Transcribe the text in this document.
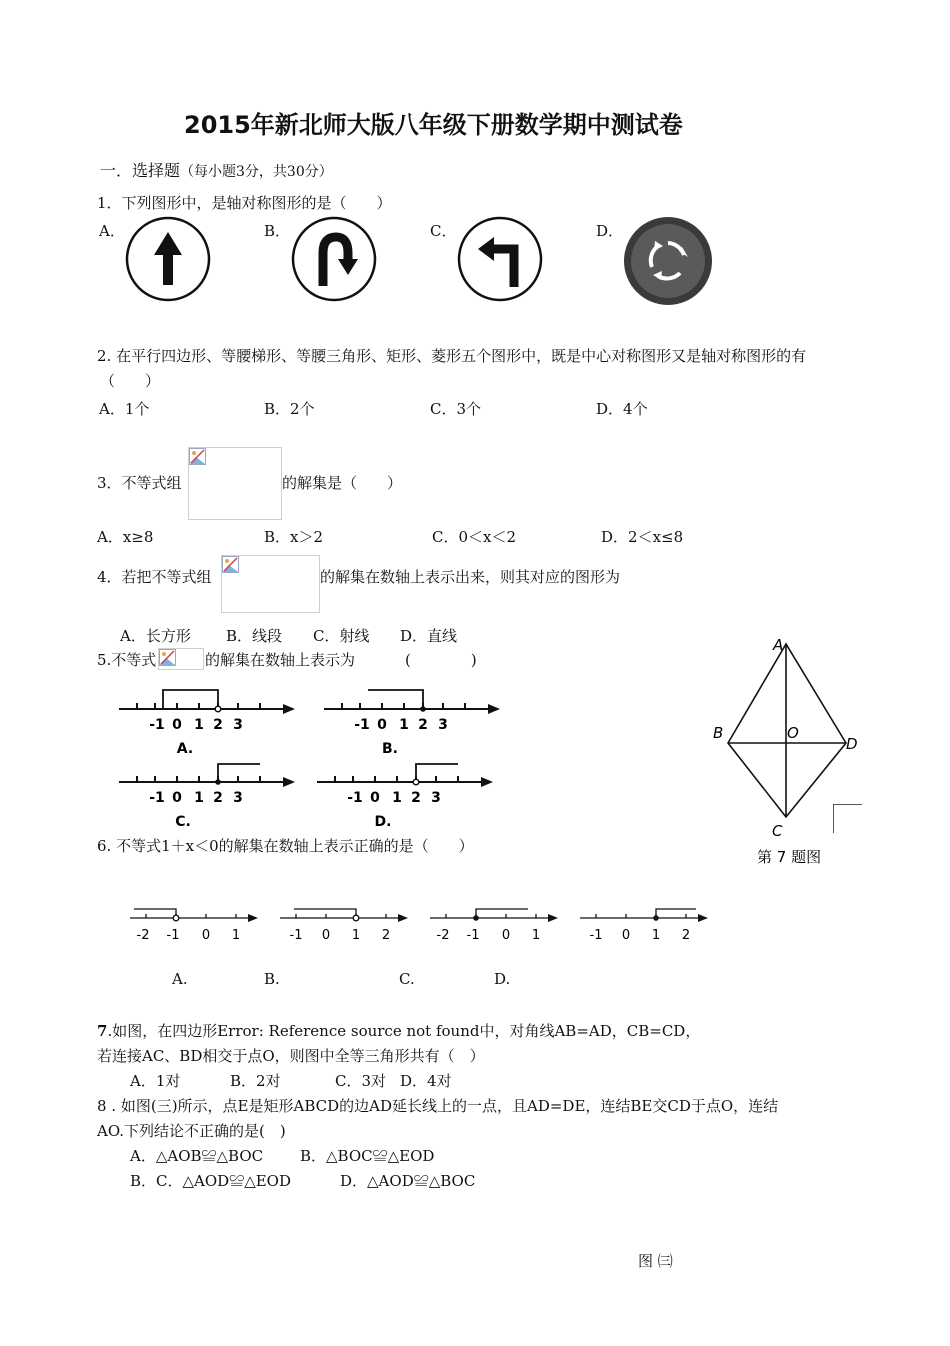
2015年新北师大版八年级下册数学期中测试卷
一．选择题（每小题3分，共30分）
1．下列图形中，是轴对称图形的是（　　）
A．	B．	C．	D．
2. 在平行四边形、等腰梯形、等腰三角形、矩形、菱形五个图形中，既是中心对称图形又是轴对称图形的有
（　　）
A．1个	B．2个	C．3个	D．4个
3．不等式组	的解集是（　　）
A．x≥8	B．x＞2	C．0＜x＜2	D．2＜x≤8
4．若把不等式组	的解集在数轴上表示出来，则其对应的图形为
A．长方形 B．线段 C．射线 D．直线
5.不等式	的解集在数轴上表示为	(　　　　)
-1 0 1 2 3
A.
-1 0 1 2 3
B.
-1 0 1 2 3
C.
-1 0 1 2 3
D.
A
B	O
D
C
第 7 题图
6. 不等式1＋x＜0的解集在数轴上表示正确的是（　　）
-2 -1 0 1	-1 0 1 2	-2 -1 0 1	-1 0 1 2
A.	B.	C.	D.
7.如图，在四边形Error: Reference source not found中，对角线AB=AD，CB=CD，
若连接AC、BD相交于点O，则图中全等三角形共有（　）
A．1对	B．2对	C．3对 D．4对
8 . 如图(三)所示，点E是矩形ABCD的边AD延长线上的一点，且AD=DE，连结BE交CD于点O，连结
AO.下列结论不正确的是(　)
A．△AOB≌△BOC B．△BOC≌△EOD
B．C．△AOD≌△EOD	D．△AOD≌△BOC
图 ㈢
